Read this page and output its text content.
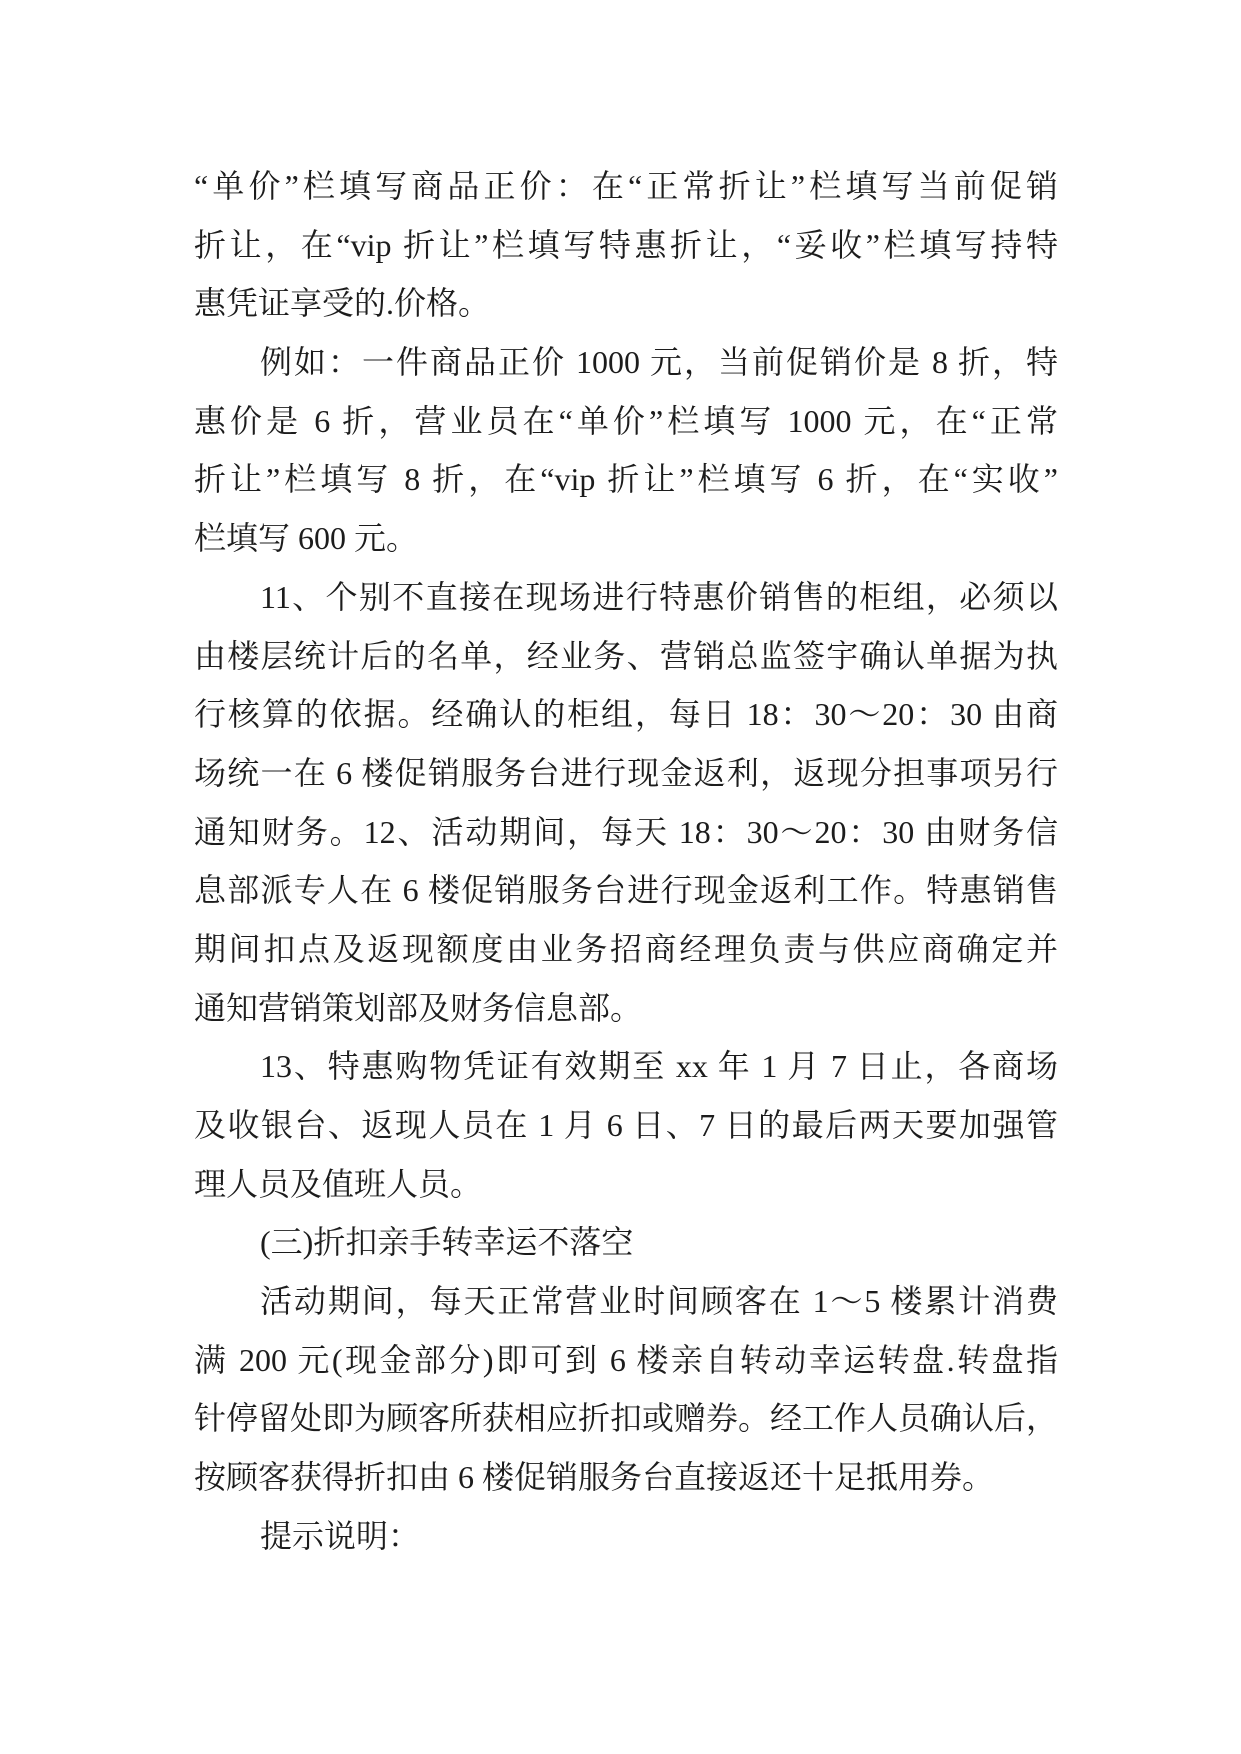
“单价”栏填写商品正价：在“正常折让”栏填写当前促销
折让，在“vip 折让”栏填写特惠折让，“妥收”栏填写持特
惠凭证享受的.价格。
例如：一件商品正价 1000 元，当前促销价是 8 折，特
惠价是 6 折，营业员在“单价”栏填写 1000 元，在“正常
折让”栏填写 8 折，在“vip 折让”栏填写 6 折，在“实收”
栏填写 600 元。
11、个别不直接在现场进行特惠价销售的柜组，必须以
由楼层统计后的名单，经业务、营销总监签宇确认单据为执
行核算的依据。经确认的柜组，每日 18：30～20：30 由商
场统一在 6 楼促销服务台进行现金返利，返现分担事项另行
通知财务。12、活动期间，每天 18：30～20：30 由财务信
息部派专人在 6 楼促销服务台进行现金返利工作。特惠销售
期间扣点及返现额度由业务招商经理负责与供应商确定并
通知营销策划部及财务信息部。
13、特惠购物凭证有效期至 xx 年 1 月 7 日止，各商场
及收银台、返现人员在 1 月 6 日、7 日的最后两天要加强管
理人员及值班人员。
(三)折扣亲手转幸运不落空
活动期间，每天正常营业时间顾客在 1～5 楼累计消费
满 200 元(现金部分)即可到 6 楼亲自转动幸运转盘.转盘指
针停留处即为顾客所获相应折扣或赠券。经工作人员确认后，
按顾客获得折扣由 6 楼促销服务台直接返还十足抵用券。
提示说明：
